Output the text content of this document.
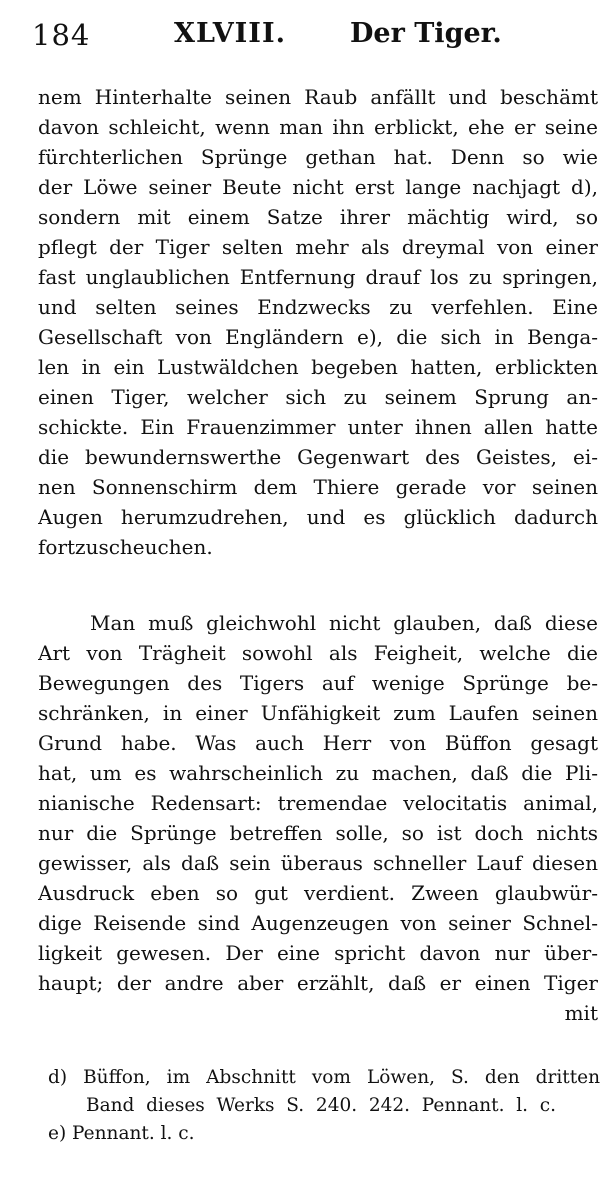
184	XLVIII. Der Tiger.
nem Hinterhalte seinen Raub anfällt und beschämt
davon schleicht, wenn man ihn erblickt, ehe er seine
fürchterlichen Sprünge gethan hat. Denn so wie
der Löwe seiner Beute nicht erst lange nachjagt d),
sondern mit einem Satze ihrer mächtig wird, so
pflegt der Tiger selten mehr als dreymal von einer
fast unglaublichen Entfernung drauf los zu springen,
und selten seines Endzwecks zu verfehlen. Eine
Gesellschaft von Engländern e), die sich in Benga-
len in ein Lustwäldchen begeben hatten, erblickten
einen Tiger, welcher sich zu seinem Sprung an-
schickte. Ein Frauenzimmer unter ihnen allen hatte
die bewundernswerthe Gegenwart des Geistes, ei-
nen Sonnenschirm dem Thiere gerade vor seinen
Augen herumzudrehen, und es glücklich dadurch
fortzuscheuchen.
Man muß gleichwohl nicht glauben, daß diese
Art von Trägheit sowohl als Feigheit, welche die
Bewegungen des Tigers auf wenige Sprünge be-
schränken, in einer Unfähigkeit zum Laufen seinen
Grund habe. Was auch Herr von Büffon gesagt
hat, um es wahrscheinlich zu machen, daß die Pli-
nianische Redensart: tremendae velocitatis animal,
nur die Sprünge betreffen solle, so ist doch nichts
gewisser, als daß sein überaus schneller Lauf diesen
Ausdruck eben so gut verdient. Zween glaubwür-
dige Reisende sind Augenzeugen von seiner Schnel-
ligkeit gewesen. Der eine spricht davon nur über-
haupt; der andre aber erzählt, daß er einen Tiger
mit
d) Büffon, im Abschnitt vom Löwen, S. den dritten
Band dieses Werks S. 240. 242. Pennant. l. c.
e) Pennant. l. c.
